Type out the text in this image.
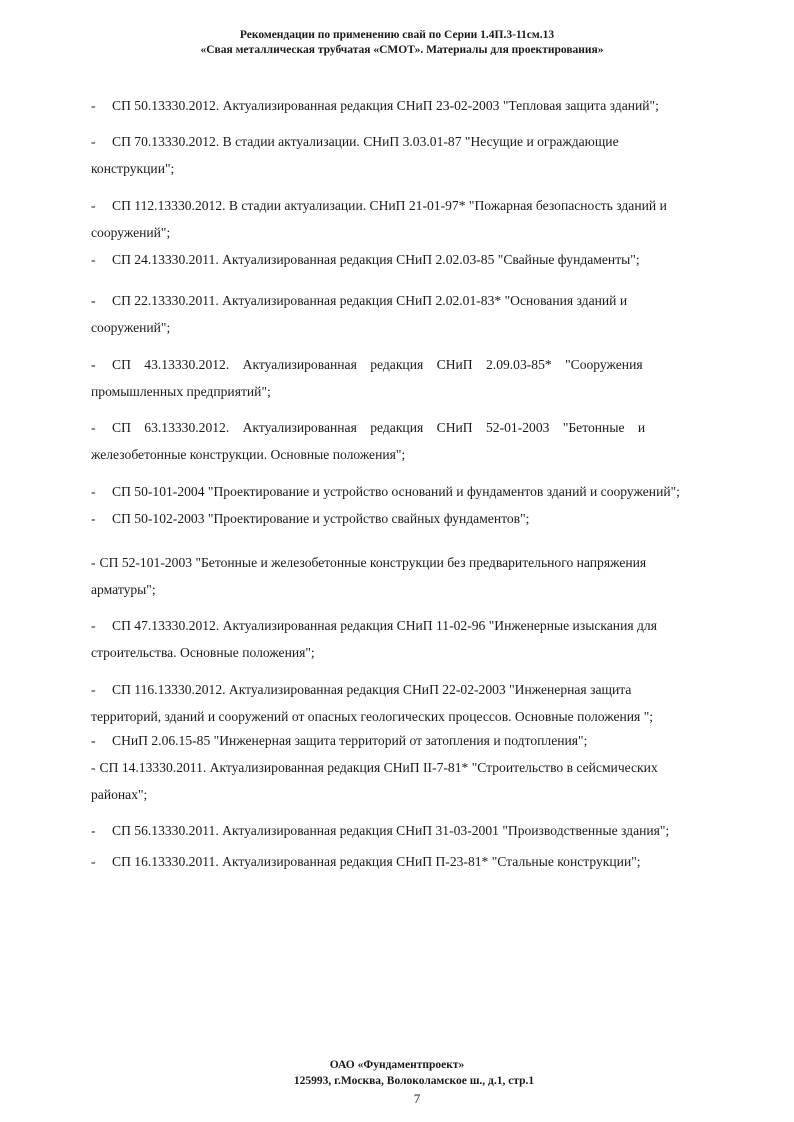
Рекомендации по применению свай по Серии 1.4П.3-11см.13
«Свая металлическая трубчатая «СМОТ». Материалы для проектирования»
- СП 50.13330.2012. Актуализированная редакция СНиП 23-02-2003 "Тепловая защита зданий";
- СП 70.13330.2012. В стадии актуализации. СНиП 3.03.01-87 "Несущие и ограждающие
конструкции";
- СП 112.13330.2012. В стадии актуализации. СНиП 21-01-97* "Пожарная безопасность зданий и
сооружений";
- СП 24.13330.2011. Актуализированная редакция СНиП 2.02.03-85 "Свайные фундаменты";
- СП 22.13330.2011. Актуализированная редакция СНиП 2.02.01-83* "Основания зданий и
сооружений";
- СП 43.13330.2012. Актуализированная редакция СНиП 2.09.03-85* "Сооружения
промышленных предприятий";
- СП 63.13330.2012. Актуализированная редакция СНиП 52-01-2003 "Бетонные и
железобетонные конструкции. Основные положения";
- СП 50-101-2004 "Проектирование и устройство оснований и фундаментов зданий и сооружений";
- СП 50-102-2003 "Проектирование и устройство свайных фундаментов";
- СП 52-101-2003 "Бетонные и железобетонные конструкции без предварительного напряжения
арматуры";
- СП 47.13330.2012. Актуализированная редакция СНиП 11-02-96 "Инженерные изыскания для
строительства. Основные положения";
- СП 116.13330.2012. Актуализированная редакция СНиП 22-02-2003 "Инженерная защита
территорий, зданий и сооружений от опасных геологических процессов. Основные положения ";
- СНиП 2.06.15-85 "Инженерная защита территорий от затопления и подтопления";
- СП 14.13330.2011. Актуализированная редакция СНиП II-7-81* "Строительство в сейсмических
районах";
- СП 56.13330.2011. Актуализированная редакция СНиП 31-03-2001 "Производственные здания";
- СП 16.13330.2011. Актуализированная редакция СНиП П-23-81* "Стальные конструкции";
ОАО «Фундаментпроект»
125993, г.Москва, Волоколамское ш., д.1, стр.1
7
